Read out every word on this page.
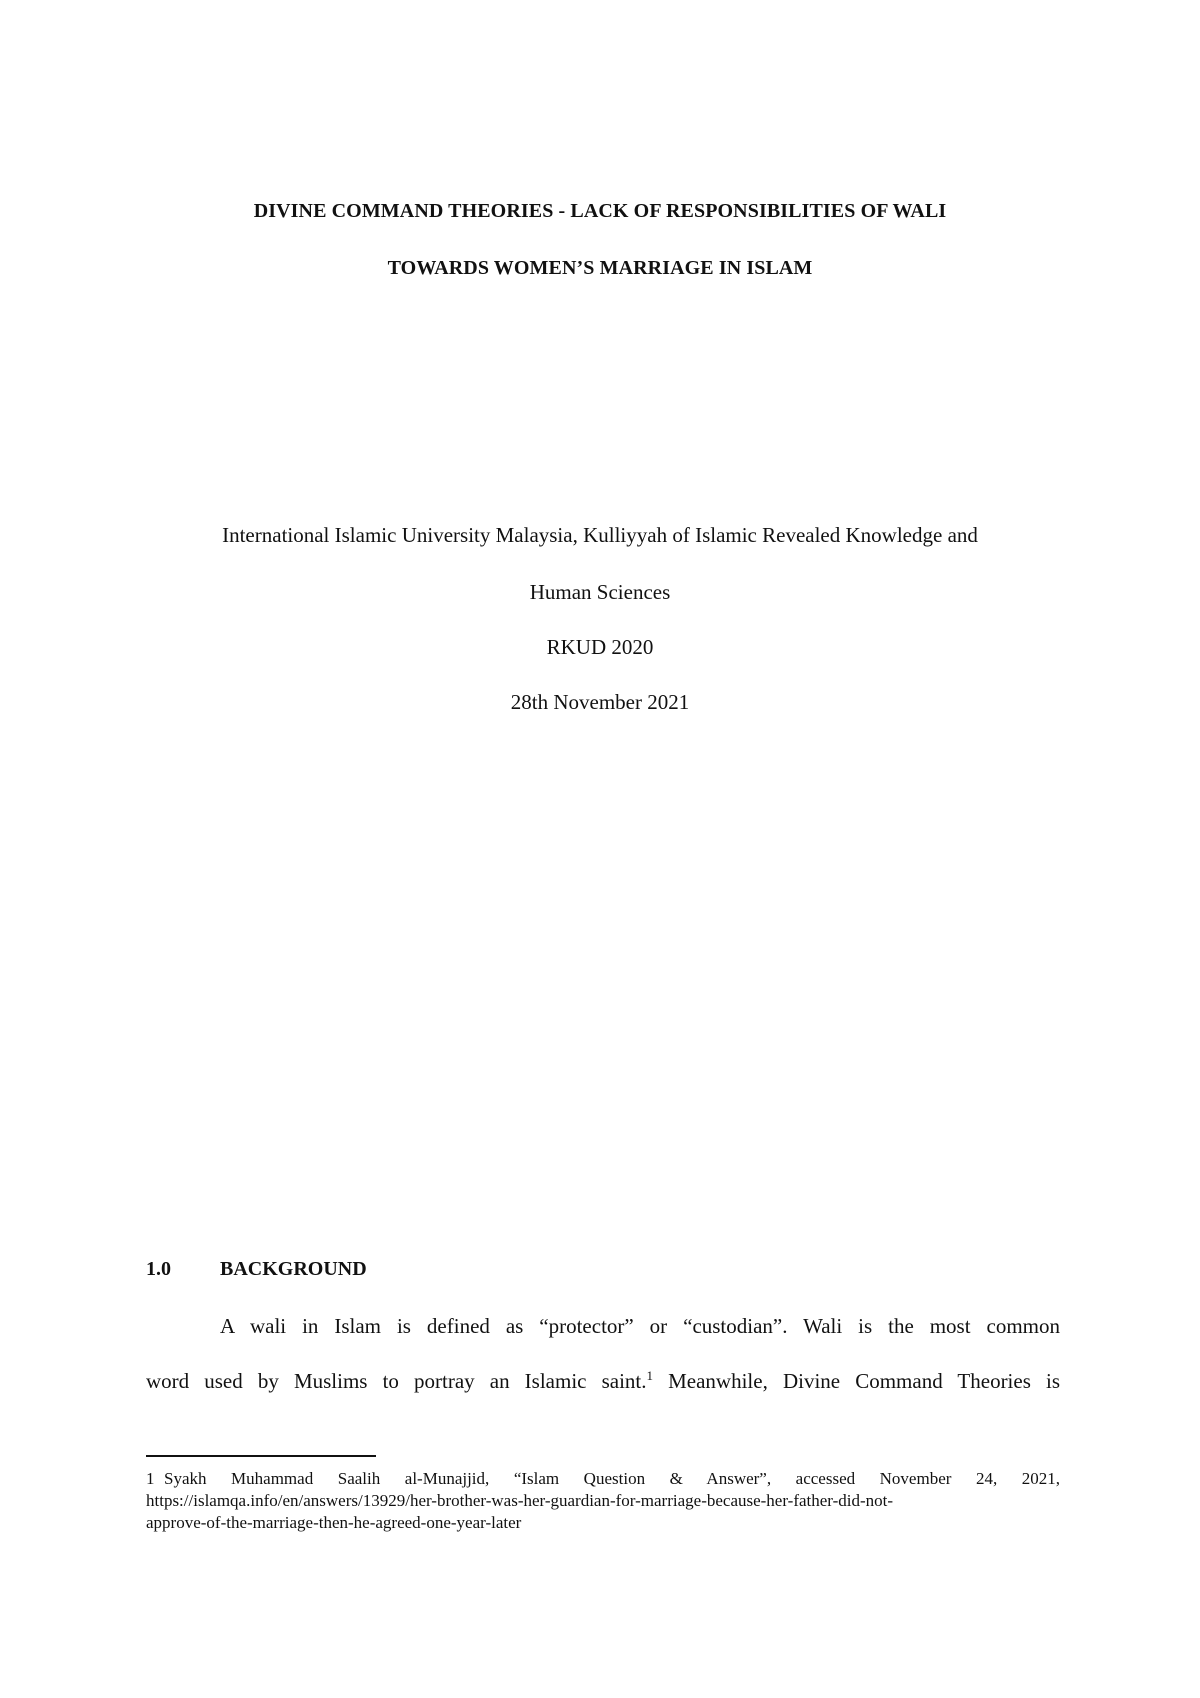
DIVINE COMMAND THEORIES - LACK OF RESPONSIBILITIES OF WALI
TOWARDS WOMEN’S MARRIAGE IN ISLAM
International Islamic University Malaysia, Kulliyyah of Islamic Revealed Knowledge and
Human Sciences
RKUD 2020
28th November 2021
1.0 BACKGROUND
A wali in Islam is defined as “protector” or “custodian”. Wali is the most common
word used by Muslims to portray an Islamic saint.$^1$ Meanwhile, Divine Command Theories is
1 Syakh Muhammad Saalih al-Munajjid, “Islam Question & Answer”, accessed November 24, 2021,
https://islamqa.info/en/answers/13929/her-brother-was-her-guardian-for-marriage-because-her-father-did-not-
approve-of-the-marriage-then-he-agreed-one-year-later
